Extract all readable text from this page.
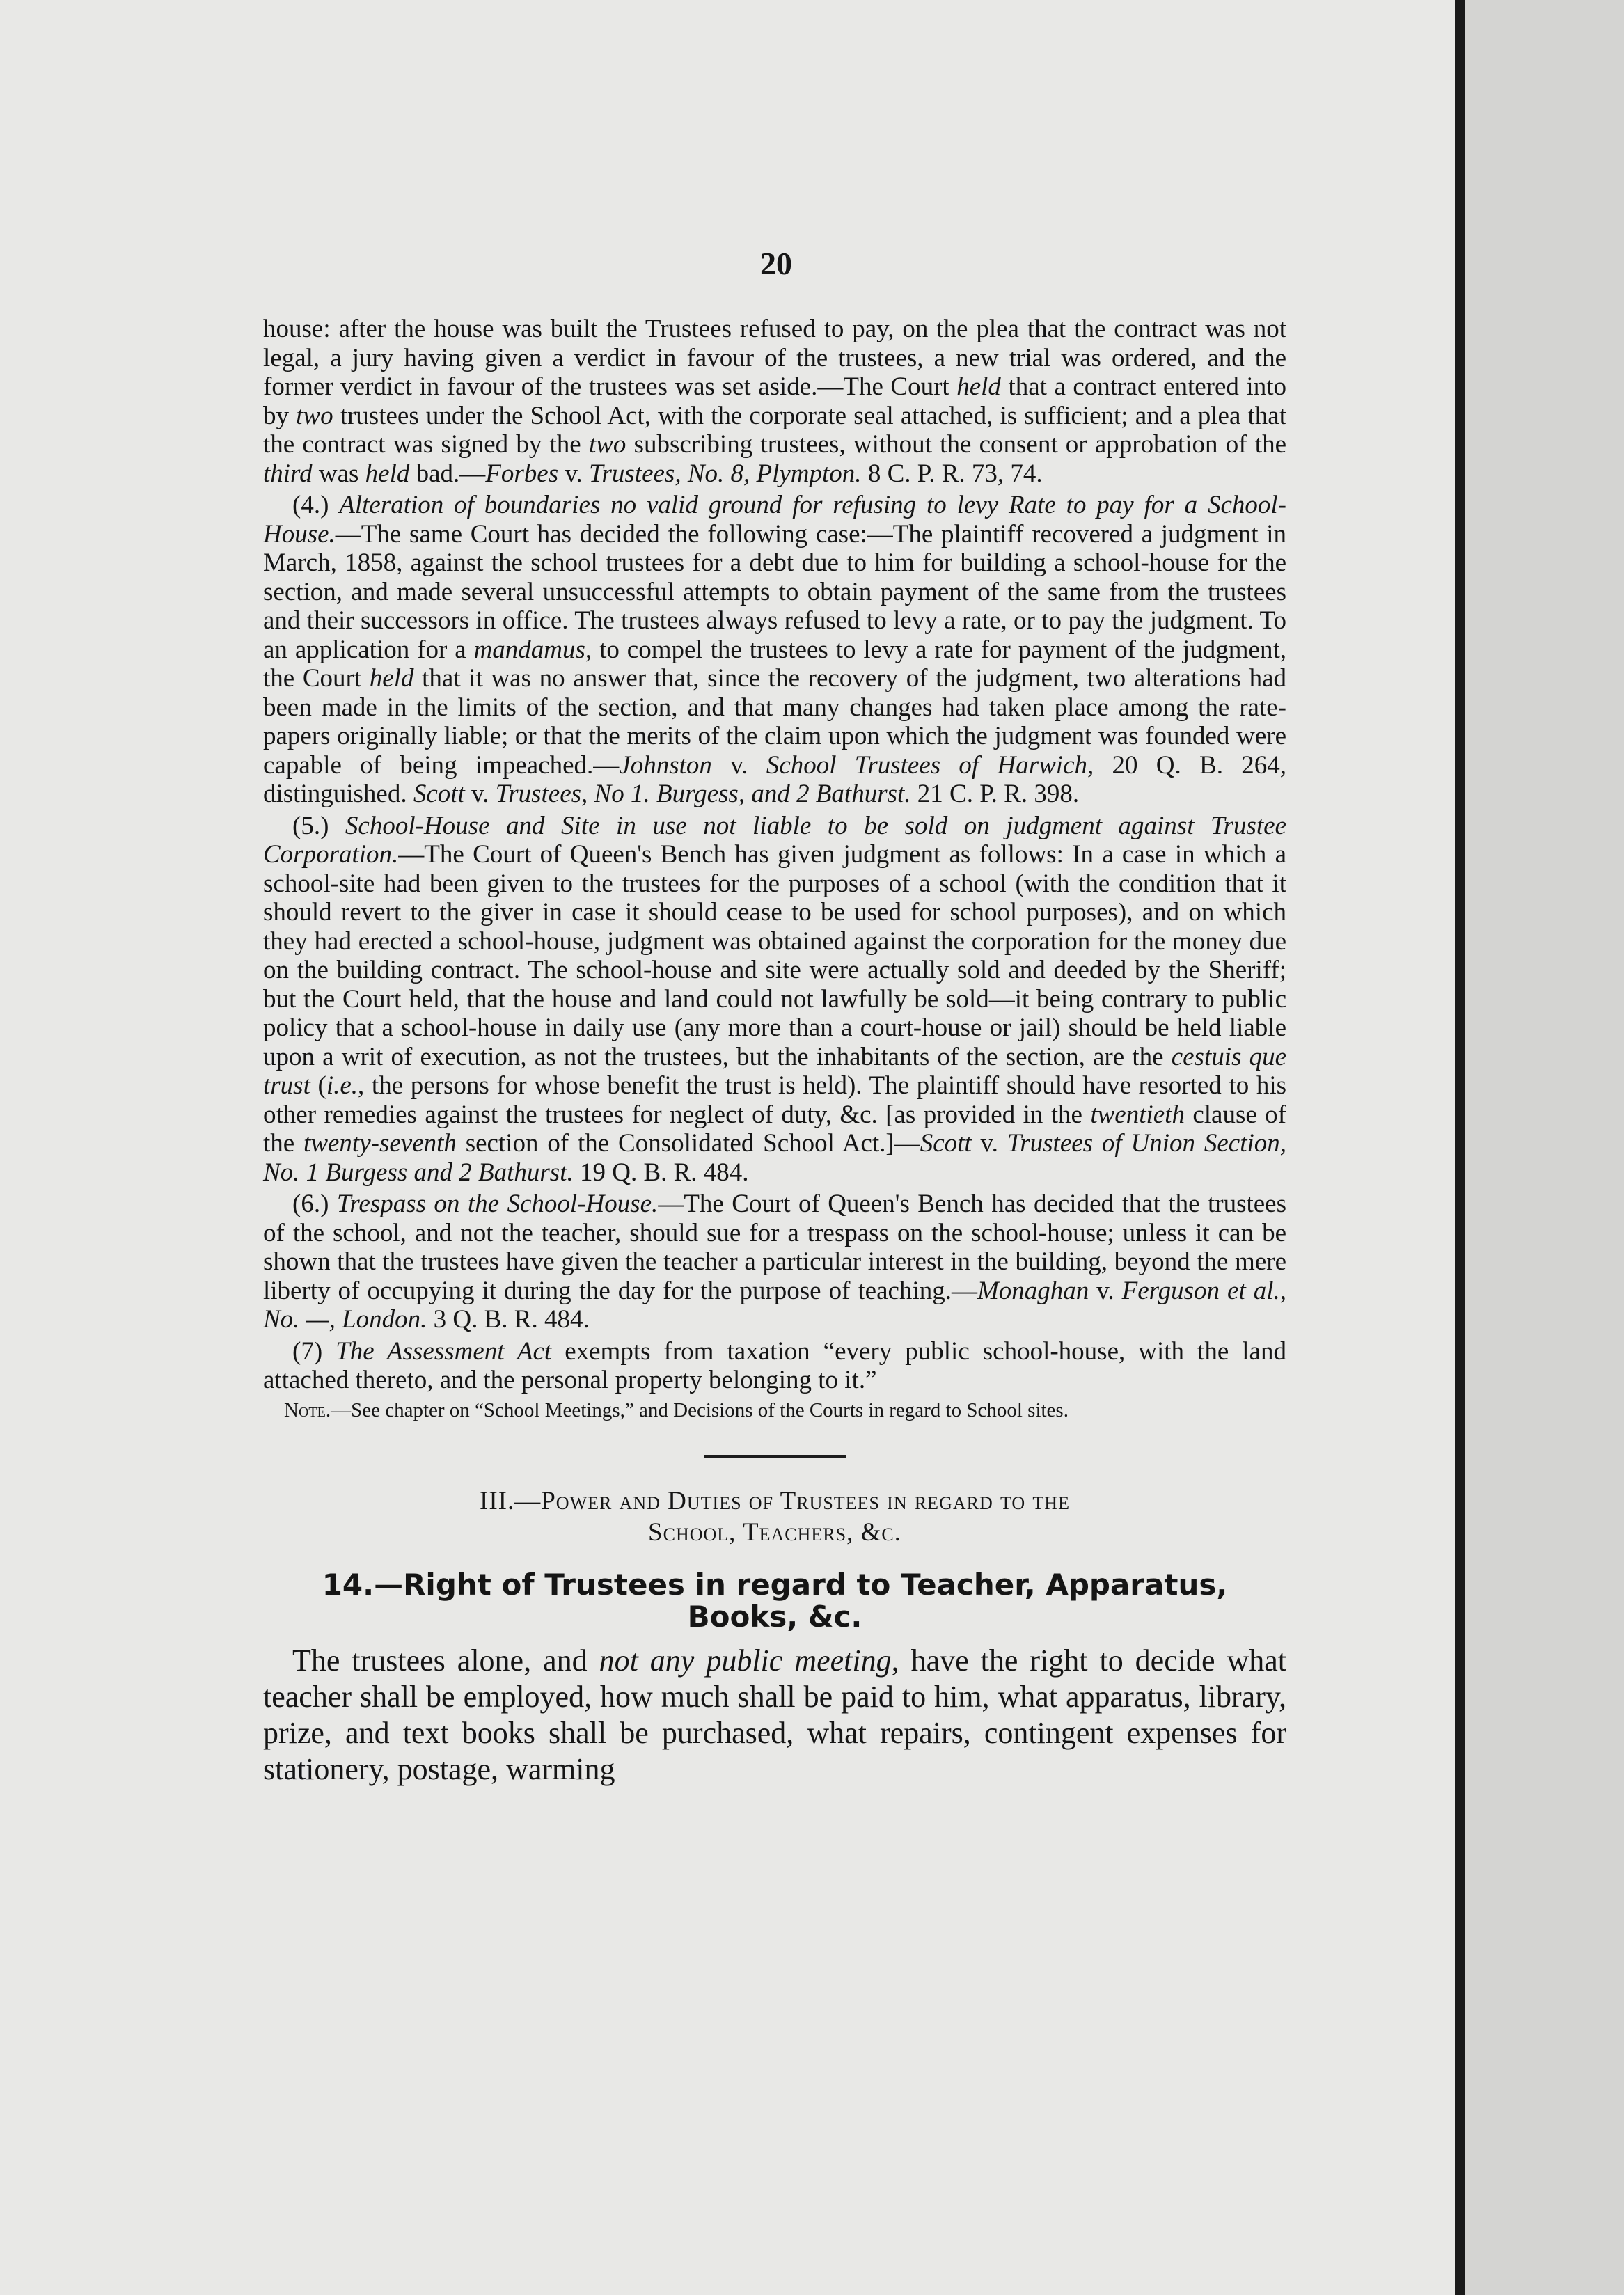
20

house: after the house was built the Trustees refused to pay, on the plea that the contract was not legal, a jury having given a verdict in favour of the trustees, a new trial was ordered, and the former verdict in favour of the trustees was set aside.—The Court held that a contract entered into by two trustees under the School Act, with the corporate seal attached, is sufficient; and a plea that the contract was signed by the two subscribing trustees, without the consent or approbation of the third was held bad.—Forbes v. Trustees, No. 8, Plympton. 8 C. P. R. 73, 74.

(4.) Alteration of boundaries no valid ground for refusing to levy Rate to pay for a School-House.—The same Court has decided the following case:—The plaintiff recovered a judgment in March, 1858, against the school trustees for a debt due to him for building a school-house for the section, and made several unsuccessful attempts to obtain payment of the same from the trustees and their successors in office. The trustees always refused to levy a rate, or to pay the judgment. To an application for a mandamus, to compel the trustees to levy a rate for payment of the judgment, the Court held that it was no answer that, since the recovery of the judgment, two alterations had been made in the limits of the section, and that many changes had taken place among the rate-papers originally liable; or that the merits of the claim upon which the judgment was founded were capable of being impeached.—Johnston v. School Trustees of Harwich, 20 Q. B. 264, distinguished. Scott v. Trustees, No 1. Burgess, and 2 Bathurst. 21 C. P. R. 398.

(5.) School-House and Site in use not liable to be sold on judgment against Trustee Corporation.—The Court of Queen's Bench has given judgment as follows: In a case in which a school-site had been given to the trustees for the purposes of a school (with the condition that it should revert to the giver in case it should cease to be used for school purposes), and on which they had erected a school-house, judgment was obtained against the corporation for the money due on the building contract. The school-house and site were actually sold and deeded by the Sheriff; but the Court held, that the house and land could not lawfully be sold—it being contrary to public policy that a school-house in daily use (any more than a court-house or jail) should be held liable upon a writ of execution, as not the trustees, but the inhabitants of the section, are the cestuis que trust (i.e., the persons for whose benefit the trust is held). The plaintiff should have resorted to his other remedies against the trustees for neglect of duty, &c. [as provided in the twentieth clause of the twenty-seventh section of the Consolidated School Act.]—Scott v. Trustees of Union Section, No. 1 Burgess and 2 Bathurst. 19 Q. B. R. 484.

(6.) Trespass on the School-House.—The Court of Queen's Bench has decided that the trustees of the school, and not the teacher, should sue for a trespass on the school-house; unless it can be shown that the trustees have given the teacher a particular interest in the building, beyond the mere liberty of occupying it during the day for the purpose of teaching.—Monaghan v. Ferguson et al., No. —, London. 3 Q. B. R. 484.

(7) The Assessment Act exempts from taxation “every public school-house, with the land attached thereto, and the personal property belonging to it.”

Note.—See chapter on “School Meetings,” and Decisions of the Courts in regard to School sites.

III.—Power and Duties of Trustees in regard to the
School, Teachers, &c.

14.—Right of Trustees in regard to Teacher, Apparatus,
Books, &c.

The trustees alone, and not any public meeting, have the right to decide what teacher shall be employed, how much shall be paid to him, what apparatus, library, prize, and text books shall be purchased, what repairs, contingent expenses for stationery, postage, warming
